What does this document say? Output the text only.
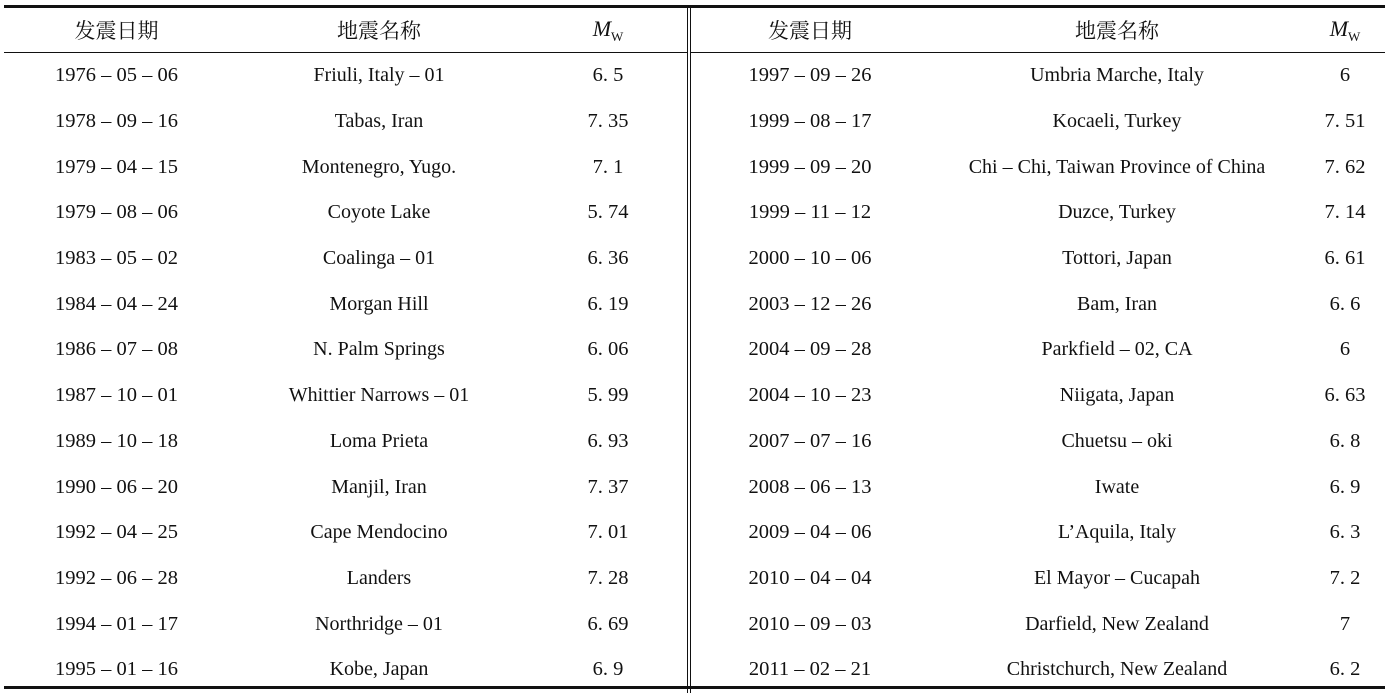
发震日期	地震名称	$M_W$	发震日期	地震名称	$M_W$
1976 – 05 – 06	Friuli, Italy – 01	6. 5	1997 – 09 – 26	Umbria Marche, Italy	6
1978 – 09 – 16	Tabas, Iran	7. 35	1999 – 08 – 17	Kocaeli, Turkey	7. 51
1979 – 04 – 15	Montenegro, Yugo.	7. 1	1999 – 09 – 20	Chi – Chi, Taiwan Province of China	7. 62
1979 – 08 – 06	Coyote Lake	5. 74	1999 – 11 – 12	Duzce, Turkey	7. 14
1983 – 05 – 02	Coalinga – 01	6. 36	2000 – 10 – 06	Tottori, Japan	6. 61
1984 – 04 – 24	Morgan Hill	6. 19	2003 – 12 – 26	Bam, Iran	6. 6
1986 – 07 – 08	N. Palm Springs	6. 06	2004 – 09 – 28	Parkfield – 02, CA	6
1987 – 10 – 01	Whittier Narrows – 01	5. 99	2004 – 10 – 23	Niigata, Japan	6. 63
1989 – 10 – 18	Loma Prieta	6. 93	2007 – 07 – 16	Chuetsu – oki	6. 8
1990 – 06 – 20	Manjil, Iran	7. 37	2008 – 06 – 13	Iwate	6. 9
1992 – 04 – 25	Cape Mendocino	7. 01	2009 – 04 – 06	L’Aquila, Italy	6. 3
1992 – 06 – 28	Landers	7. 28	2010 – 04 – 04	El Mayor – Cucapah	7. 2
1994 – 01 – 17	Northridge – 01	6. 69	2010 – 09 – 03	Darfield, New Zealand	7
1995 – 01 – 16	Kobe, Japan	6. 9	2011 – 02 – 21	Christchurch, New Zealand	6. 2
